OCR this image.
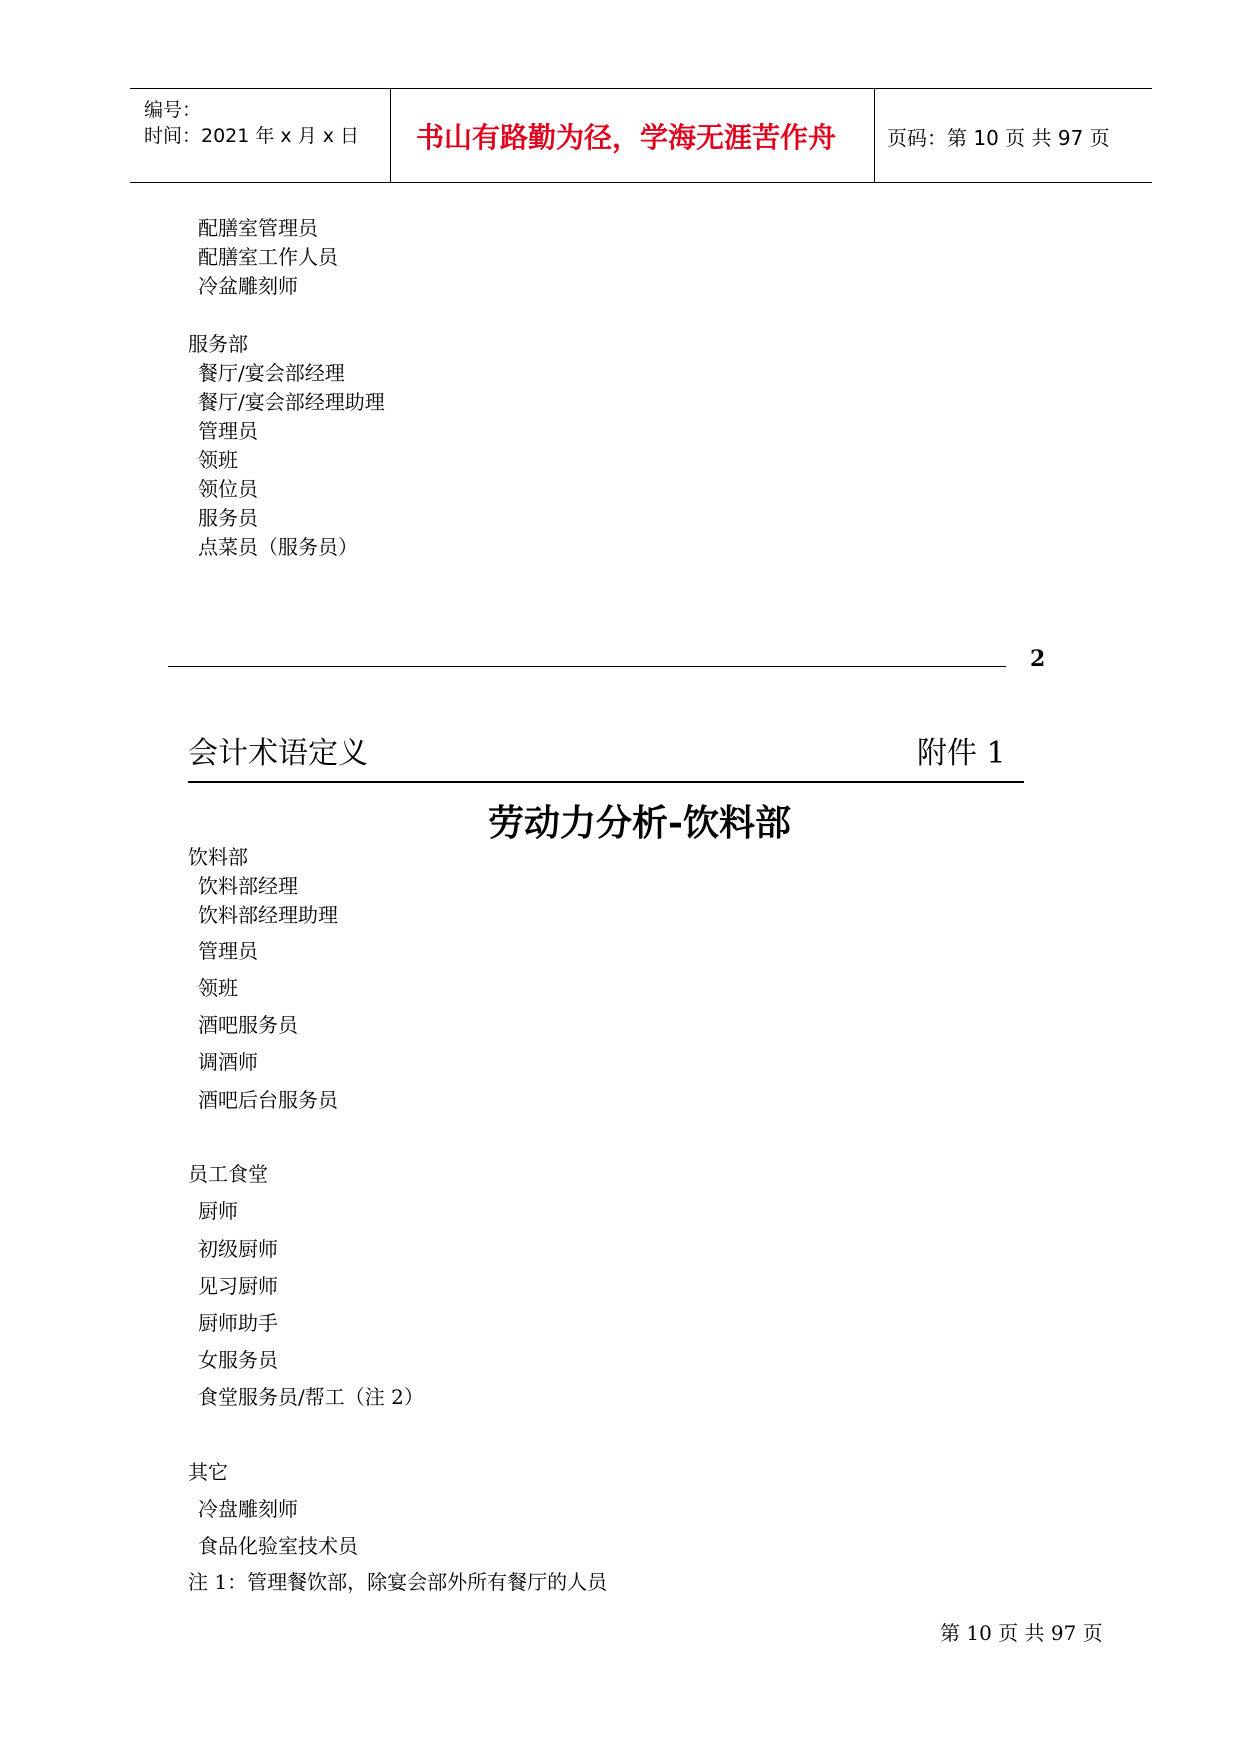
编号：
时间：2021 年 x 月 x 日 书山有路勤为径，学海无涯苦作舟	页码：第 10 页 共 97 页
配膳室管理员
配膳室工作人员
冷盆雕刻师
服务部
餐厅/宴会部经理
餐厅/宴会部经理助理
管理员
领班
领位员
服务员
点菜员（服务员）
2
会计术语定义	附件 1
劳动力分析-饮料部
饮料部
饮料部经理
饮料部经理助理
管理员
领班
酒吧服务员
调酒师
酒吧后台服务员
员工食堂
厨师
初级厨师
见习厨师
厨师助手
女服务员
食堂服务员/帮工（注 2）
其它
冷盘雕刻师
食品化验室技术员
注 1：管理餐饮部，除宴会部外所有餐厅的人员
第 10 页 共 97 页
